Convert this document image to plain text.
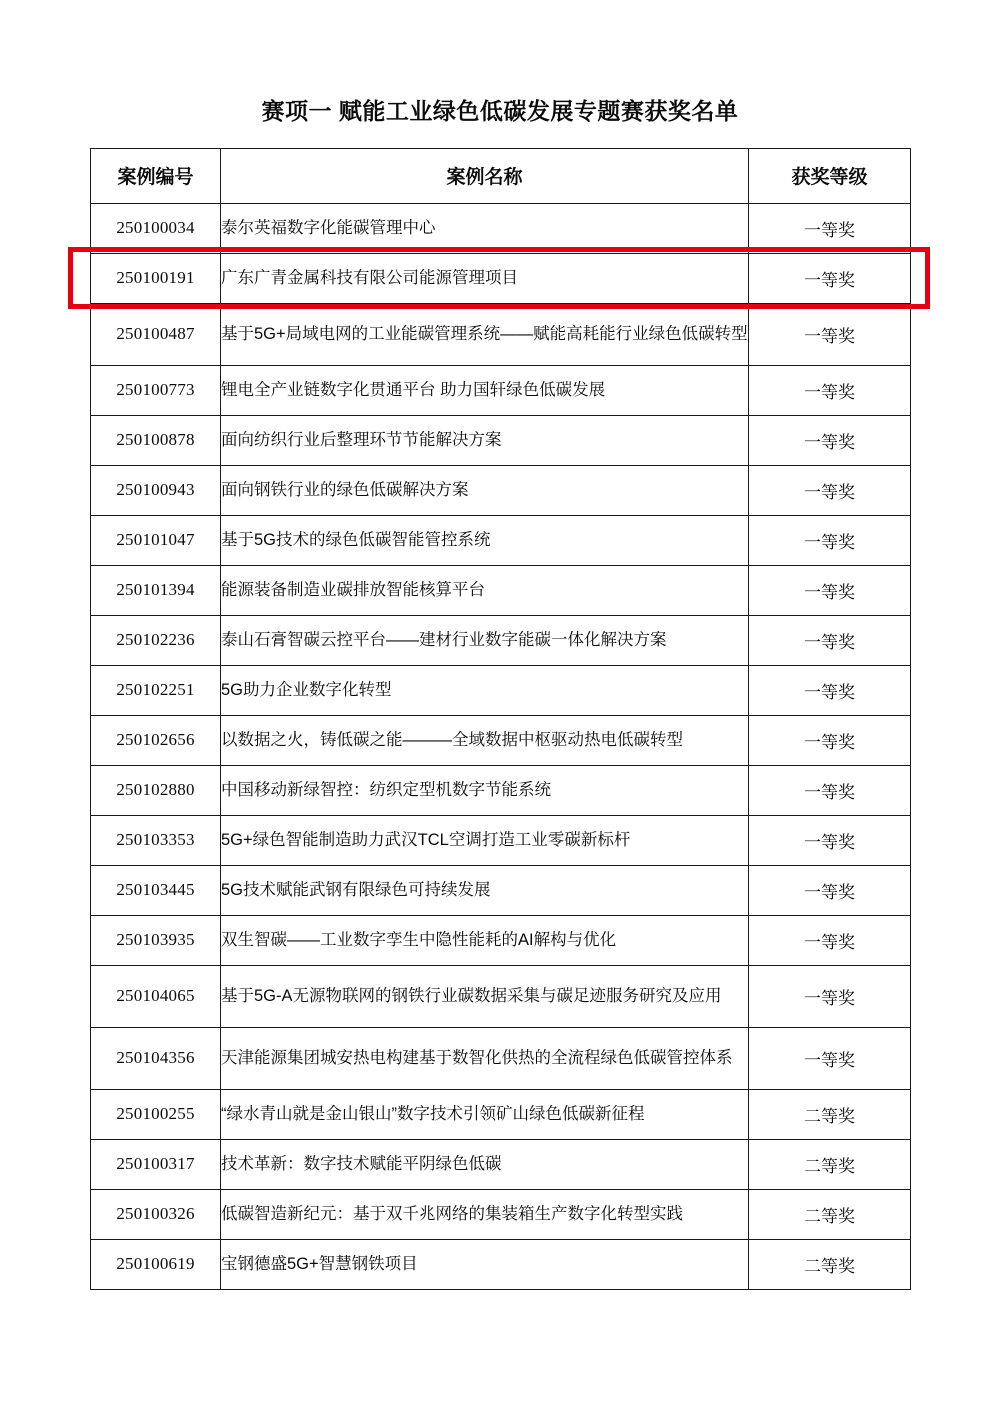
赛项一 赋能工业绿色低碳发展专题赛获奖名单
案例编号	案例名称	获奖等级
250100034	泰尔英福数字化能碳管理中心	一等奖
250100191	广东广青金属科技有限公司能源管理项目	一等奖
250100487	基于5G+局域电网的工业能碳管理系统——赋能高耗能行业绿色低碳转型	一等奖
250100773	锂电全产业链数字化贯通平台 助力国轩绿色低碳发展	一等奖
250100878	面向纺织行业后整理环节节能解决方案	一等奖
250100943	面向钢铁行业的绿色低碳解决方案	一等奖
250101047	基于5G技术的绿色低碳智能管控系统	一等奖
250101394	能源装备制造业碳排放智能核算平台	一等奖
250102236	泰山石膏智碳云控平台——建材行业数字能碳一体化解决方案	一等奖
250102251	5G助力企业数字化转型	一等奖
250102656	以数据之火，铸低碳之能———全域数据中枢驱动热电低碳转型	一等奖
250102880	中国移动新绿智控：纺织定型机数字节能系统	一等奖
250103353	5G+绿色智能制造助力武汉TCL空调打造工业零碳新标杆	一等奖
250103445	5G技术赋能武钢有限绿色可持续发展	一等奖
250103935	双生智碳——工业数字孪生中隐性能耗的AI解构与优化	一等奖
250104065	基于5G-A无源物联网的钢铁行业碳数据采集与碳足迹服务研究及应用	一等奖
250104356	天津能源集团城安热电构建基于数智化供热的全流程绿色低碳管控体系	一等奖
250100255	“绿水青山就是金山银山”数字技术引领矿山绿色低碳新征程	二等奖
250100317	技术革新：数字技术赋能平阴绿色低碳	二等奖
250100326	低碳智造新纪元：基于双千兆网络的集装箱生产数字化转型实践	二等奖
250100619	宝钢德盛5G+智慧钢铁项目	二等奖
